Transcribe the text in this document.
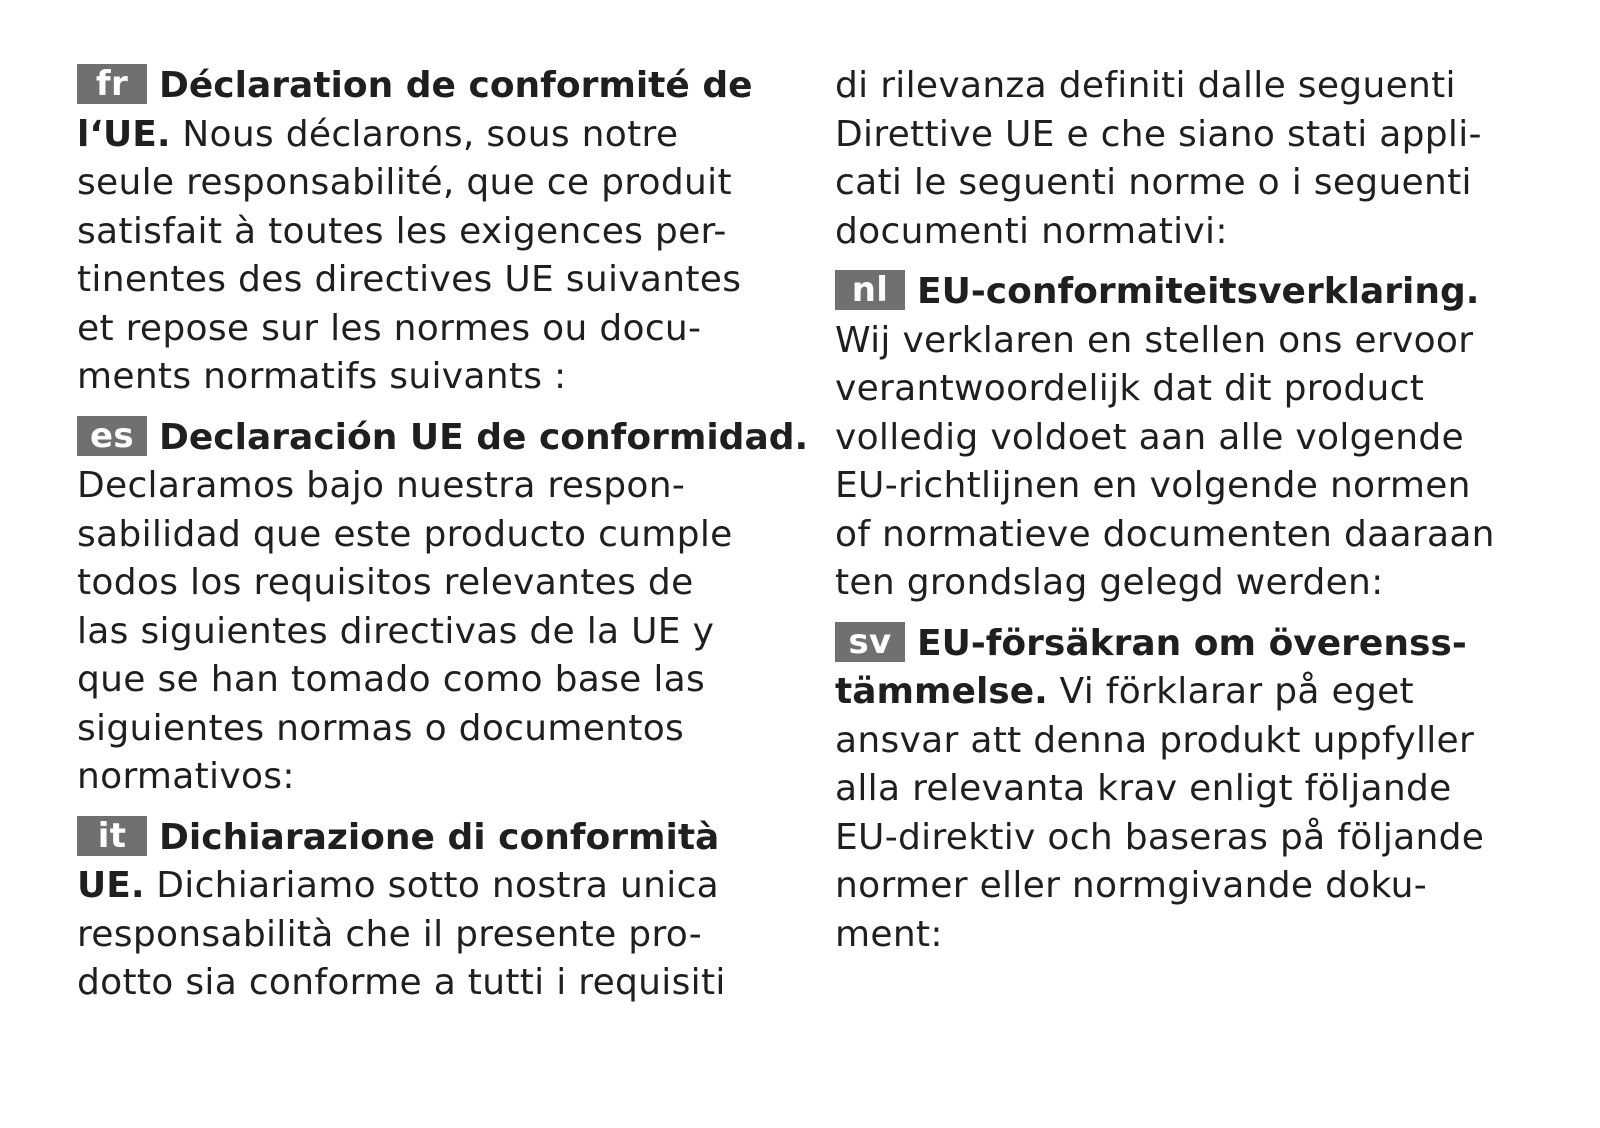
fr Déclaration de conformité de
l‘UE. Nous déclarons, sous notre
seule responsabilité, que ce produit
satisfait à toutes les exigences per-
tinentes des directives UE suivantes
et repose sur les normes ou docu-
ments normatifs suivants :

es Declaración UE de conformidad.
Declaramos bajo nuestra respon-
sabilidad que este producto cumple
todos los requisitos relevantes de
las siguientes directivas de la UE y
que se han tomado como base las
siguientes normas o documentos
normativos:

it Dichiarazione di conformità
UE. Dichiariamo sotto nostra unica
responsabilità che il presente pro-
dotto sia conforme a tutti i requisiti

di rilevanza definiti dalle seguenti
Direttive UE e che siano stati appli-
cati le seguenti norme o i seguenti
documenti normativi:

nl EU-conformiteitsverklaring.
Wij verklaren en stellen ons ervoor
verantwoordelijk dat dit product
volledig voldoet aan alle volgende
EU-richtlijnen en volgende normen
of normatieve documenten daaraan
ten grondslag gelegd werden:

sv EU-försäkran om överenss-
tämmelse. Vi förklarar på eget
ansvar att denna produkt uppfyller
alla relevanta krav enligt följande
EU-direktiv och baseras på följande
normer eller normgivande doku-
ment:
